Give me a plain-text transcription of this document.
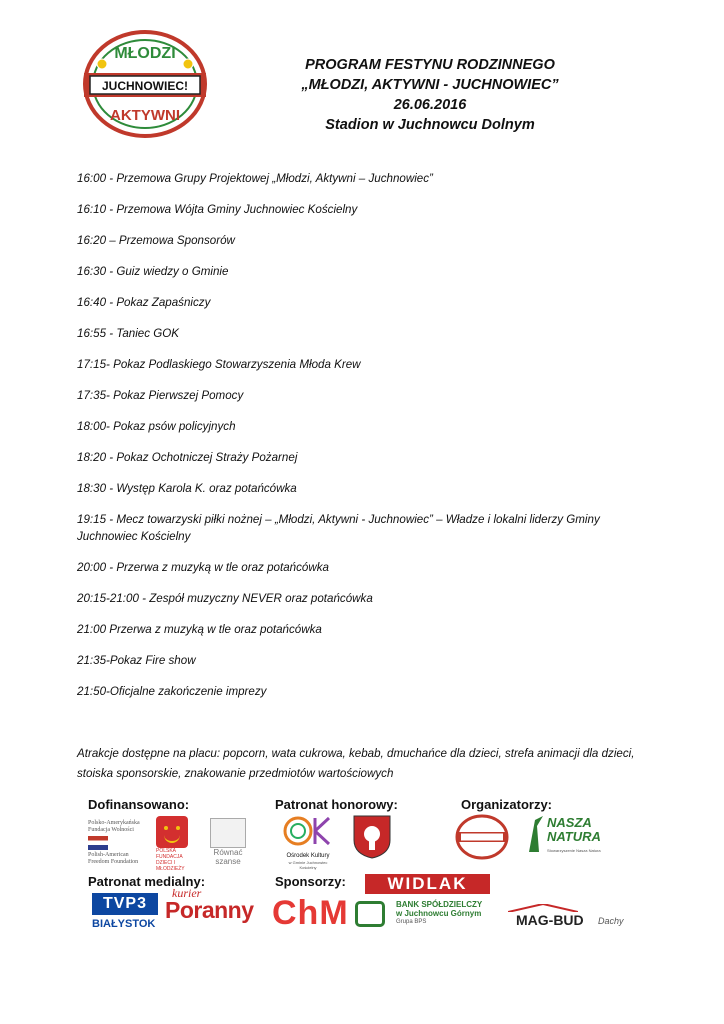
MŁODZI
JUCHNOWIEC!
AKTYWNI
PROGRAM FESTYNU RODZINNEGO
„MŁODZI, AKTYWNI - JUCHNOWIEC”
26.06.2016
Stadion w Juchnowcu Dolnym
16:00 - Przemowa Grupy Projektowej „Młodzi, Aktywni – Juchnowiec”
16:10 - Przemowa Wójta Gminy Juchnowiec Kościelny
16:20 – Przemowa Sponsorów
16:30 - Guiz wiedzy o Gminie
16:40 - Pokaz Zapaśniczy
16:55 - Taniec GOK
17:15- Pokaz Podlaskiego Stowarzyszenia Młoda Krew
17:35- Pokaz Pierwszej Pomocy
18:00- Pokaz psów policyjnych
18:20 - Pokaz Ochotniczej Straży Pożarnej
18:30 - Występ Karola K. oraz potańcówka
19:15 - Mecz towarzyski piłki nożnej – „Młodzi, Aktywni - Juchnowiec” – Władze i lokalni liderzy Gminy Juchnowiec Kościelny
20:00 - Przerwa z muzyką w tle oraz potańcówka
20:15-21:00 - Zespół muzyczny NEVER oraz potańcówka
21:00 Przerwa z muzyką w tle oraz potańcówka
21:35-Pokaz Fire show
21:50-Oficjalne zakończenie imprezy
Atrakcje dostępne na placu: popcorn, wata cukrowa, kebab, dmuchańce dla dzieci, strefa animacji dla dzieci, stoiska sponsorskie, znakowanie przedmiotów wartościowych
Dofinansowano:	Patronat honorowy:	Organizatorzy:
Patronat medialny:	Sponsorzy:
Polsko-Amerykańska Fundacja Wolności
Polish-American Freedom Foundation
POLSKA FUNDACJA DZIECI I MŁODZIEŻY
Równać szanse
Ośrodek Kultury
w Gminie Juchnowiec Kościelny
NASZA NATURA
Stowarzyszenie Nasza Natura
TVP3
BIAŁYSTOK
kurier
Poranny
WIDLAK
ChM	BANK SPÓŁDZIELCZY
w Juchnowcu Górnym
Grupa BPS	MAG-BUD Dachy
